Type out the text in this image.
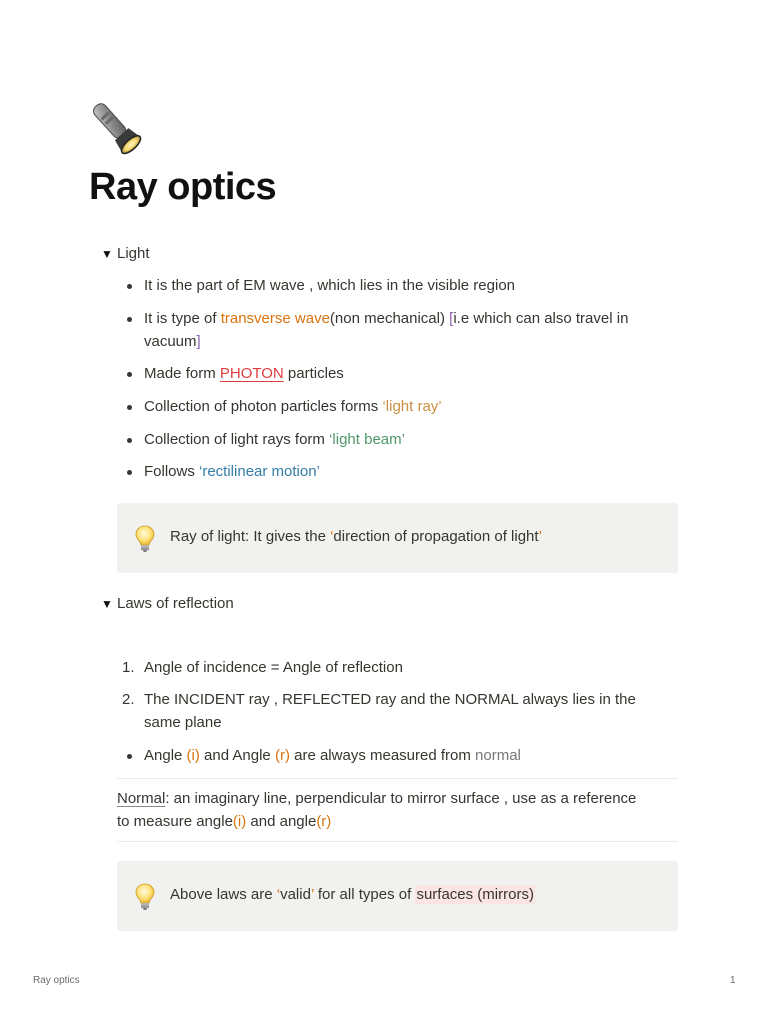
Ray optics
▼ Light
It is the part of EM wave , which lies in the visible region
It is type of transverse wave(non mechanical) [i.e which can also travel in
vacuum]
Made form PHOTON particles
Collection of photon particles forms ‘light ray’
Collection of light rays form ‘light beam’
Follows ‘rectilinear motion’
Ray of light: It gives the ‘direction of propagation of light’
▼ Laws of reflection
1. Angle of incidence = Angle of reflection
2. The INCIDENT ray , REFLECTED ray and the NORMAL always lies in the
same plane
Angle (i) and Angle (r) are always measured from normal
Normal: an imaginary line, perpendicular to mirror surface , use as a reference
to measure angle(i) and angle(r)
Above laws are ‘valid’ for all types of surfaces (mirrors)
Ray optics	1
